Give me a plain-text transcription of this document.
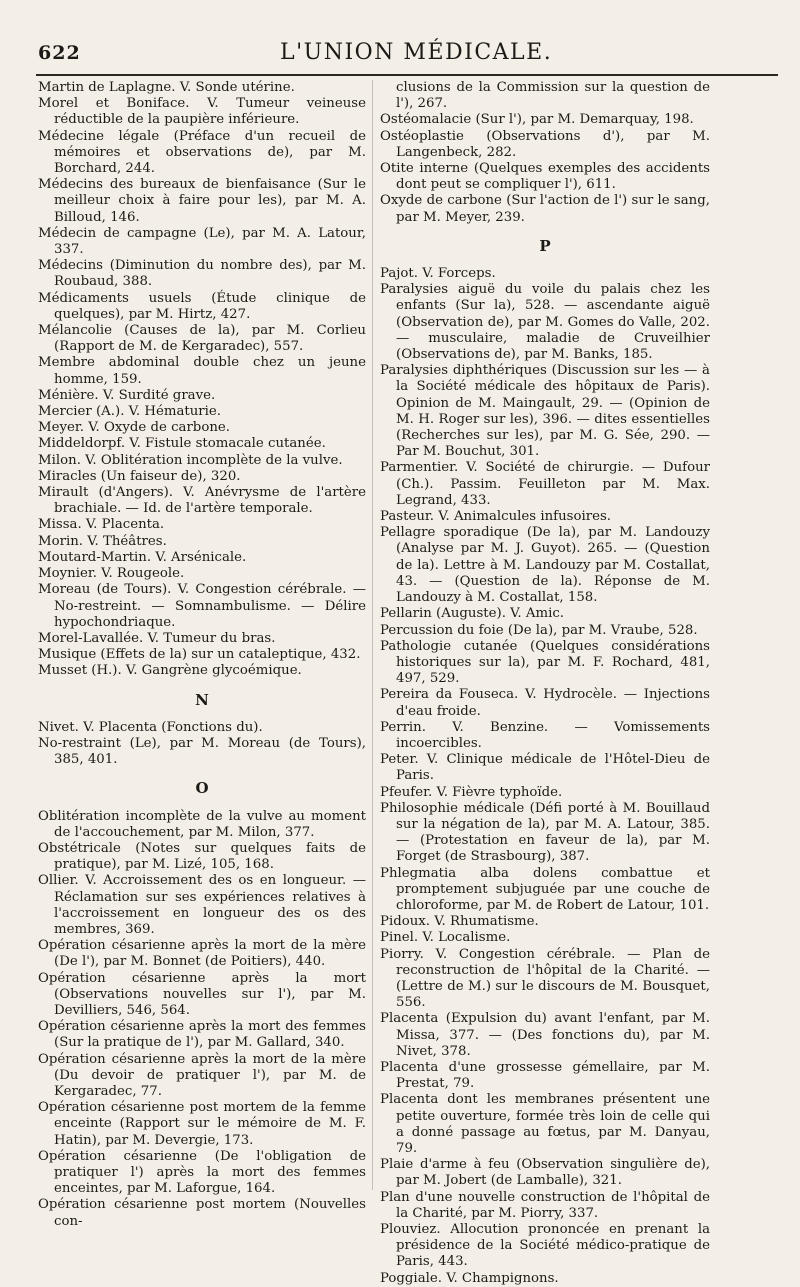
622	L'UNION MÉDICALE.

Martin de Laplagne. V. Sonde utérine.

Morel et Boniface. V. Tumeur veineuse réductible de la paupière inférieure.

Médecine légale (Préface d'un recueil de mémoires et observations de), par M. Borchard, 244.

Médecins des bureaux de bienfaisance (Sur le meilleur choix à faire pour les), par M. A. Billoud, 146.

Médecin de campagne (Le), par M. A. Latour, 337.

Médecins (Diminution du nombre des), par M. Roubaud, 388.

Médicaments usuels (Étude clinique de quelques), par M. Hirtz, 427.

Mélancolie (Causes de la), par M. Corlieu (Rapport de M. de Kergaradec), 557.

Membre abdominal double chez un jeune homme, 159.

Ménière. V. Surdité grave.

Mercier (A.). V. Hématurie.

Meyer. V. Oxyde de carbone.

Middeldorpf. V. Fistule stomacale cutanée.

Milon. V. Oblitération incomplète de la vulve.

Miracles (Un faiseur de), 320.

Mirault (d'Angers). V. Anévrysme de l'artère brachiale. — Id. de l'artère temporale.

Missa. V. Placenta.

Morin. V. Théâtres.

Moutard-Martin. V. Arsénicale.

Moynier. V. Rougeole.

Moreau (de Tours). V. Congestion cérébrale. — No-restreint. — Somnambulisme. — Délire hypochondriaque.

Morel-Lavallée. V. Tumeur du bras.

Musique (Effets de la) sur un cataleptique, 432.

Musset (H.). V. Gangrène glycoémique.

N

Nivet. V. Placenta (Fonctions du).

No-restraint (Le), par M. Moreau (de Tours), 385, 401.

O

Oblitération incomplète de la vulve au moment de l'accouchement, par M. Milon, 377.

Obstétricale (Notes sur quelques faits de pratique), par M. Lizé, 105, 168.

Ollier. V. Accroissement des os en longueur. — Réclamation sur ses expériences relatives à l'accroissement en longueur des os des membres, 369.

Opération césarienne après la mort de la mère (De l'), par M. Bonnet (de Poitiers), 440.

Opération césarienne après la mort (Observations nouvelles sur l'), par M. Devilliers, 546, 564.

Opération césarienne après la mort des femmes (Sur la pratique de l'), par M. Gallard, 340.

Opération césarienne après la mort de la mère (Du devoir de pratiquer l'), par M. de Kergaradec, 77.

Opération césarienne post mortem de la femme enceinte (Rapport sur le mémoire de M. F. Hatin), par M. Devergie, 173.

Opération césarienne (De l'obligation de pratiquer l') après la mort des femmes enceintes, par M. Laforgue, 164.

Opération césarienne post mortem (Nouvelles con-

clusions de la Commission sur la question de l'), 267.

Ostéomalacie (Sur l'), par M. Demarquay, 198.

Ostéoplastie (Observations d'), par M. Langenbeck, 282.

Otite interne (Quelques exemples des accidents dont peut se compliquer l'), 611.

Oxyde de carbone (Sur l'action de l') sur le sang, par M. Meyer, 239.

P

Pajot. V. Forceps.

Paralysies aiguë du voile du palais chez les enfants (Sur la), 528. — ascendante aiguë (Observation de), par M. Gomes do Valle, 202. — musculaire, maladie de Cruveilhier (Observations de), par M. Banks, 185.

Paralysies diphthériques (Discussion sur les — à la Société médicale des hôpitaux de Paris). Opinion de M. Maingault, 29. — (Opinion de M. H. Roger sur les), 396. — dites essentielles (Recherches sur les), par M. G. Sée, 290. — Par M. Bouchut, 301.

Parmentier. V. Société de chirurgie. — Dufour (Ch.). Passim. Feuilleton par M. Max. Legrand, 433.

Pasteur. V. Animalcules infusoires.

Pellagre sporadique (De la), par M. Landouzy (Analyse par M. J. Guyot). 265. — (Question de la). Lettre à M. Landouzy par M. Costallat, 43. — (Question de la). Réponse de M. Landouzy à M. Costallat, 158.

Pellarin (Auguste). V. Amic.

Percussion du foie (De la), par M. Vraube, 528.

Pathologie cutanée (Quelques considérations historiques sur la), par M. F. Rochard, 481, 497, 529.

Pereira da Fouseca. V. Hydrocèle. — Injections d'eau froide.

Perrin. V. Benzine. — Vomissements incoercibles.

Peter. V. Clinique médicale de l'Hôtel-Dieu de Paris.

Pfeufer. V. Fièvre typhoïde.

Philosophie médicale (Défi porté à M. Bouillaud sur la négation de la), par M. A. Latour, 385. — (Protestation en faveur de la), par M. Forget (de Strasbourg), 387.

Phlegmatia alba dolens combattue et promptement subjuguée par une couche de chloroforme, par M. de Robert de Latour, 101.

Pidoux. V. Rhumatisme.

Pinel. V. Localisme.

Piorry. V. Congestion cérébrale. — Plan de reconstruction de l'hôpital de la Charité. — (Lettre de M.) sur le discours de M. Bousquet, 556.

Placenta (Expulsion du) avant l'enfant, par M. Missa, 377. — (Des fonctions du), par M. Nivet, 378.

Placenta d'une grossesse gémellaire, par M. Prestat, 79.

Placenta dont les membranes présentent une petite ouverture, formée très loin de celle qui a donné passage au fœtus, par M. Danyau, 79.

Plaie d'arme à feu (Observation singulière de), par M. Jobert (de Lamballe), 321.

Plan d'une nouvelle construction de l'hôpital de la Charité, par M. Piorry, 337.

Plouviez. Allocution prononcée en prenant la présidence de la Société médico-pratique de Paris, 443.

Poggiale. V. Champignons.
